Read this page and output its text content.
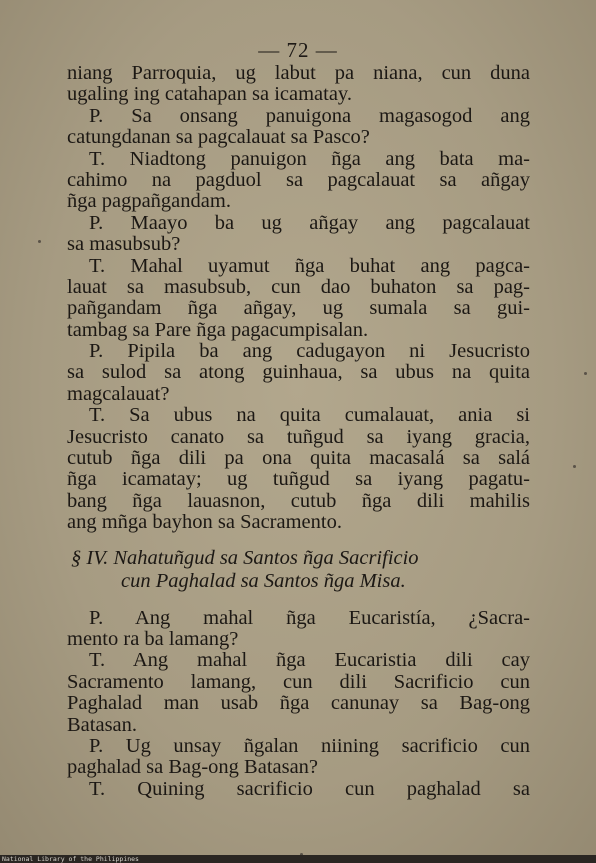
— 72 —
niang Parroquia, ug labut pa niana, cun duna
ugaling ing catahapan sa icamatay.
P. Sa onsang panuigona magasogod ang
catungdanan sa pagcalauat sa Pasco?
T. Niadtong panuigon ñga ang bata ma-
cahimo na pagduol sa pagcalauat sa añgay
ñga pagpañgandam.
P. Maayo ba ug añgay ang pagcalauat
sa masubsub?
T. Mahal uyamut ñga buhat ang pagca-
lauat sa masubsub, cun dao buhaton sa pag-
pañgandam ñga añgay, ug sumala sa gui-
tambag sa Pare ñga pagacumpisalan.
P. Pipila ba ang cadugayon ni Jesucristo
sa sulod sa atong guinhaua, sa ubus na quita
magcalauat?
T. Sa ubus na quita cumalauat, ania si
Jesucristo canato sa tuñgud sa iyang gracia,
cutub ñga dili pa ona quita macasalá sa salá
ñga icamatay; ug tuñgud sa iyang pagatu-
bang ñga lauasnon, cutub ñga dili mahilis
ang mñga bayhon sa Sacramento.
§ IV. Nahatuñgud sa Santos ñga Sacrificio
cun Paghalad sa Santos ñga Misa.
P. Ang mahal ñga Eucaristía, ¿Sacra-
mento ra ba lamang?
T. Ang mahal ñga Eucaristia dili cay
Sacramento lamang, cun dili Sacrificio cun
Paghalad man usab ñga canunay sa Bag-ong
Batasan.
P. Ug unsay ñgalan niining sacrificio cun
paghalad sa Bag-ong Batasan?
T. Quining sacrificio cun paghalad sa
National Library of the Philippines
